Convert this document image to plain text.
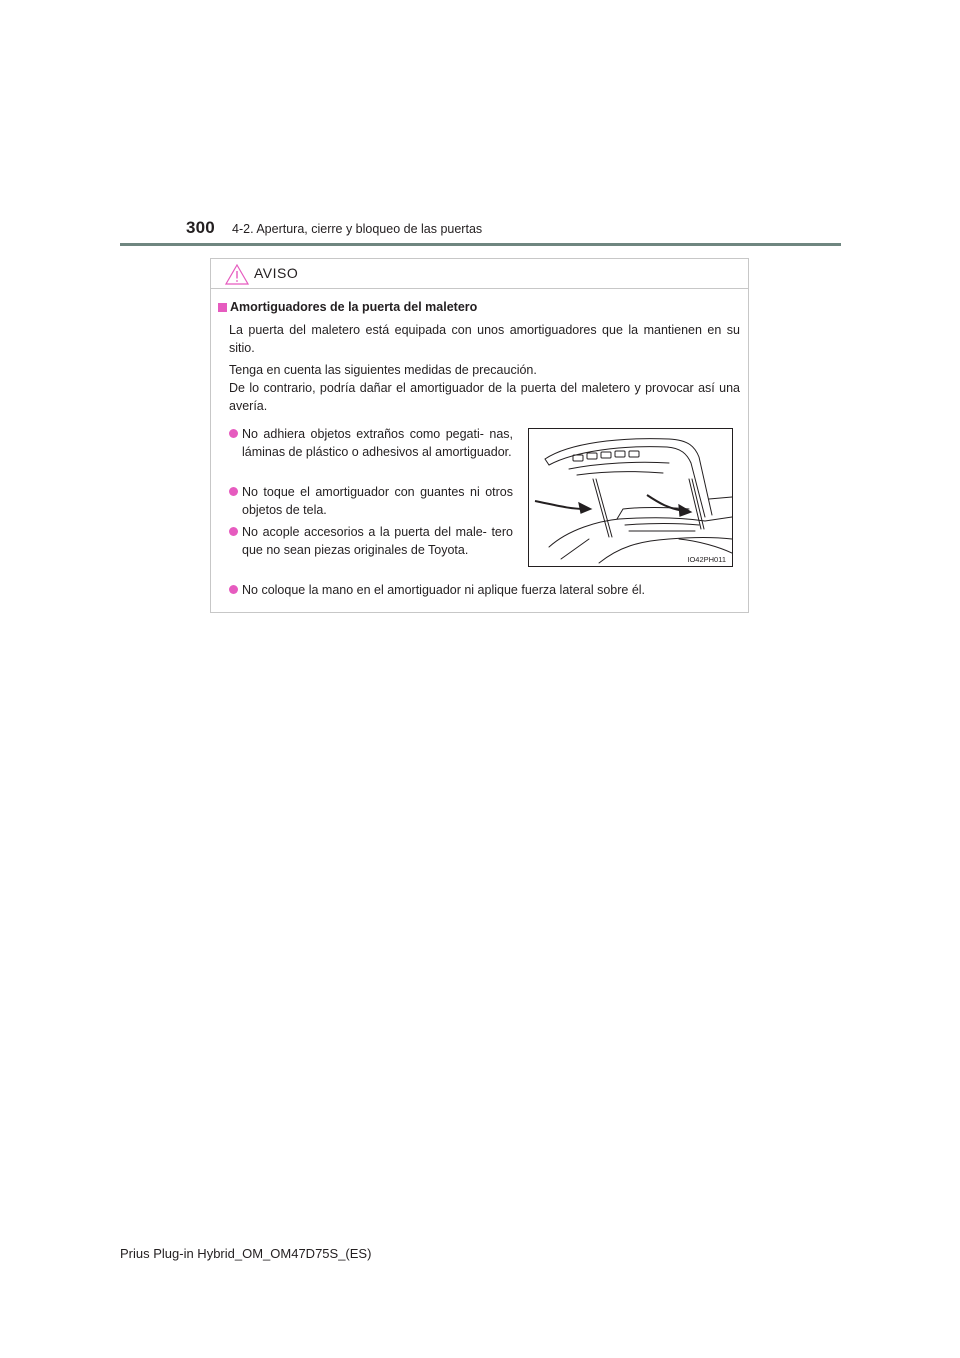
300 4-2. Apertura, cierre y bloqueo de las puertas
AVISO
Amortiguadores de la puerta del maletero

La puerta del maletero está equipada con unos amortiguadores que la mantienen en su sitio.

Tenga en cuenta las siguientes medidas de precaución.

De lo contrario, podría dañar el amortiguador de la puerta del maletero y provocar así una avería.

No adhiera objetos extraños como pegati- nas, láminas de plástico o adhesivos al amortiguador.
No toque el amortiguador con guantes ni otros objetos de tela.
No acople accesorios a la puerta del male- tero que no sean piezas originales de Toyota.
No coloque la mano en el amortiguador ni aplique fuerza lateral sobre él.
IO42PH011
Prius Plug-in Hybrid_OM_OM47D75S_(ES)
